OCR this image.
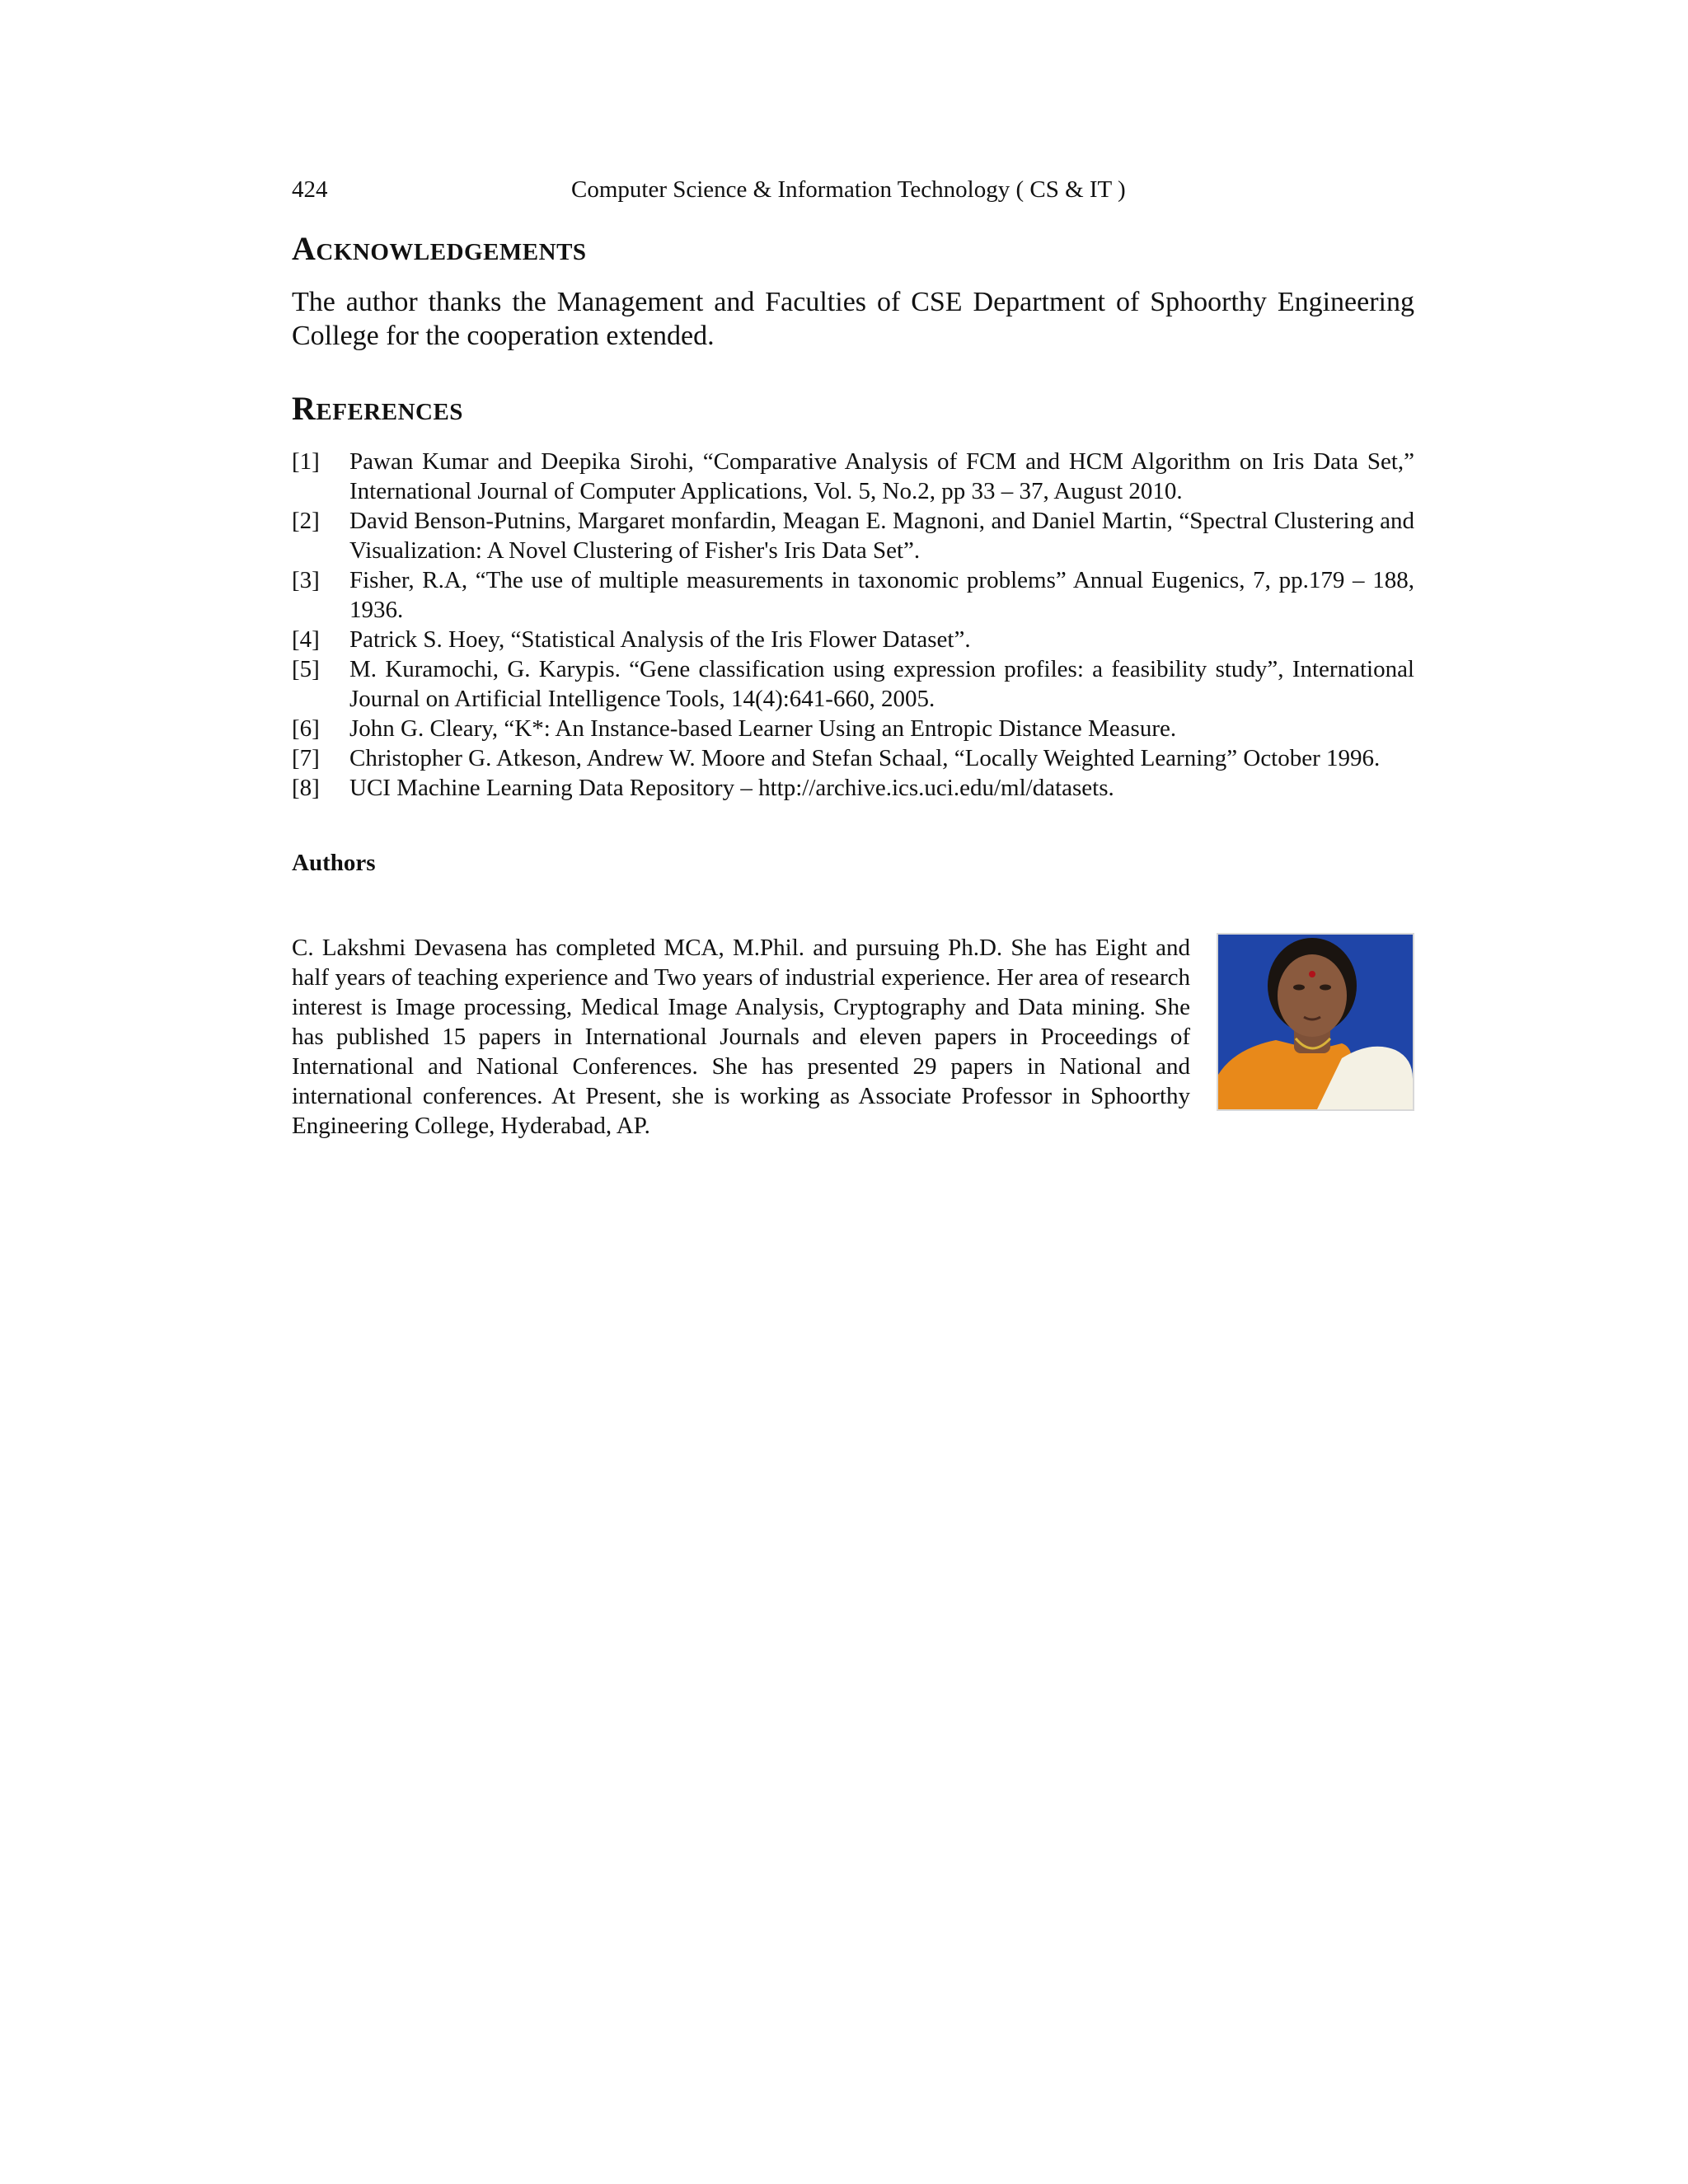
424	Computer Science & Information Technology ( CS & IT )
ACKNOWLEDGEMENTS

The author thanks the Management and Faculties of CSE Department of Sphoorthy Engineering College for the cooperation extended.

REFERENCES
[1]	Pawan Kumar and Deepika Sirohi, “Comparative Analysis of FCM and HCM Algorithm on Iris Data Set,” International Journal of Computer Applications, Vol. 5, No.2, pp 33 – 37, August 2010.
[2]	David Benson-Putnins, Margaret monfardin, Meagan E. Magnoni, and Daniel Martin, “Spectral Clustering and Visualization: A Novel Clustering of Fisher's Iris Data Set”.
[3]	Fisher, R.A, “The use of multiple measurements in taxonomic problems” Annual Eugenics, 7, pp.179 – 188, 1936.
[4]	Patrick S. Hoey, “Statistical Analysis of the Iris Flower Dataset”.
[5]	M. Kuramochi, G. Karypis. “Gene classification using expression profiles: a feasibility study”, International Journal on Artificial Intelligence Tools, 14(4):641-660, 2005.
[6]	John G. Cleary, “K*: An Instance-based Learner Using an Entropic Distance Measure.
[7]	Christopher G. Atkeson, Andrew W. Moore and Stefan Schaal, “Locally Weighted Learning” October 1996.
[8]	UCI Machine Learning Data Repository – http://archive.ics.uci.edu/ml/datasets.

Authors

C. Lakshmi Devasena has completed MCA, M.Phil. and pursuing Ph.D. She has Eight and half years of teaching experience and Two years of industrial experience. Her area of research interest is Image processing, Medical Image Analysis, Cryptography and Data mining. She has published 15 papers in International Journals and eleven papers in Proceedings of International and National Conferences. She has presented 29 papers in National and international conferences. At Present, she is working as Associate Professor in Sphoorthy Engineering College, Hyderabad, AP.
